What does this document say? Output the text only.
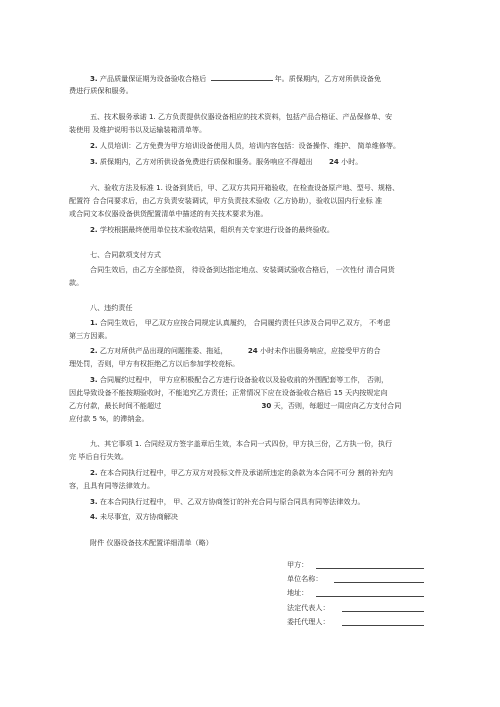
3. 产品质量保证期为设备验收合格后	年。质保期内，乙方对所供设备免
费进行质保和服务。
五、技术服务承诺 1. 乙方负责提供仪器设备相应的技术资料，包括产品合格证、产品保修单、安
装使用 及维护说明书以及运输装箱清单等。
2. 人员培训：乙方免费为甲方培训设备使用人员，培训内容包括：设备操作、维护、 简单维修等。
3. 质保期内，乙方对所供设备免费进行质保和服务。服务响应不得超出 24 小时。
六、验收方法及标准 1. 设备到货后，甲、乙双方共同开箱验收，在检查设备原产地、型号、规格、
配置符 合合同要求后，由乙方负责安装调试，甲方负责技术验收（乙方协助），验收以国内行业标 准
或合同文本仪器设备供货配置清单中描述的有关技术要求为准。
2. 学校根据最终使用单位技术验收结果，组织有关专家进行设备的最终验收。
七、合同款项支付方式
合同生效后，由乙方全部垫资， 待设备到达指定地点、安装调试验收合格后， 一次性付 清合同货
款。
八、违约责任
1. 合同生效后， 甲乙双方应按合同规定认真履约， 合同履约责任只涉及合同甲乙双方， 不考虑
第三方因素。
2. 乙方对所供产品出现的问题推委、拖延，	24 小时未作出服务响应，应接受甲方的合
理处罚，否则，甲方有权拒绝乙方以后参加学校竞标。
3. 合同履约过程中， 甲方应积极配合乙方进行设备验收以及验收前的外围配套等工作， 否则，
因此导致设备不能按期验收时，不能追究乙方责任；正常情况下应在设备验收合格后 15 天内按规定向
乙方付款，最长时间不能超过	30 天，否则，每超过一周应向乙方支付合同
应付款 5 %，的滞纳金。
九、其它事项 1. 合同经双方签字盖章后生效，本合同一式四份，甲方执三份，乙方执一份，执行
完 毕后自行失效。
2. 在本合同执行过程中，甲乙方双方对投标文件及承诺所违定的条款为本合同不可分 割的补充内
容，且具有同等法律效力。
3. 在本合同执行过程中， 甲、乙双方协商签订的补充合同与原合同具有同等法律效力。
4. 未尽事宜，双方协商解决
附件 仪器设备技术配置详细清单（略）
甲方：
单位名称：
地址：
法定代表人：
委托代理人：
